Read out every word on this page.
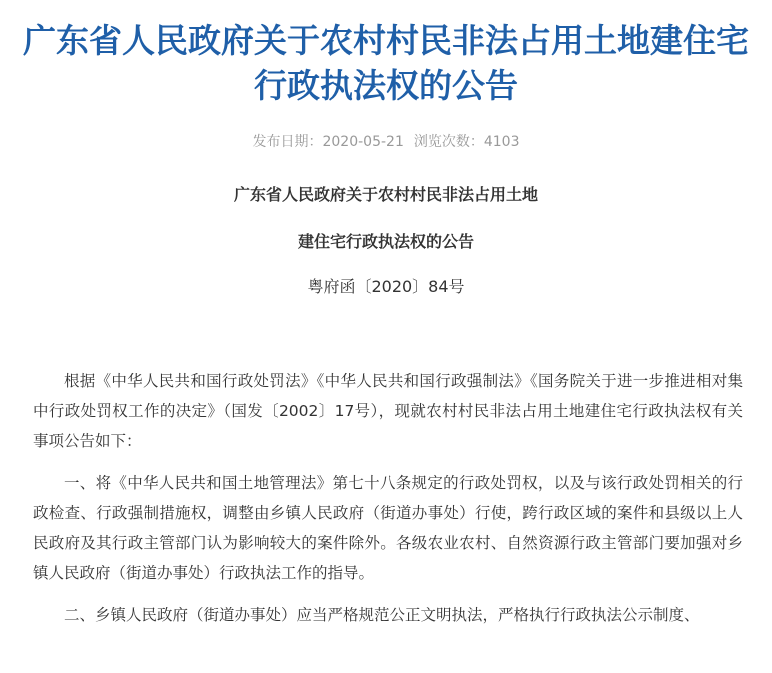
广东省人民政府关于农村村民非法占用土地建住宅
行政执法权的公告
发布日期：2020-05-21 浏览次数：4103
广东省人民政府关于农村村民非法占用土地
建住宅行政执法权的公告
粤府函〔2020〕84号

根据《中华人民共和国行政处罚法》《中华人民共和国行政强制法》《国务院关于进一步推进相对集中行政处罚权工作的决定》（国发〔2002〕17号），现就农村村民非法占用土地建住宅行政执法权有关事项公告如下：

一、将《中华人民共和国土地管理法》第七十八条规定的行政处罚权，以及与该行政处罚相关的行政检查、行政强制措施权，调整由乡镇人民政府（街道办事处）行使，跨行政区域的案件和县级以上人民政府及其行政主管部门认为影响较大的案件除外。各级农业农村、自然资源行政主管部门要加强对乡镇人民政府（街道办事处）行政执法工作的指导。

二、乡镇人民政府（街道办事处）应当严格规范公正文明执法，严格执行行政执法公示制度、
